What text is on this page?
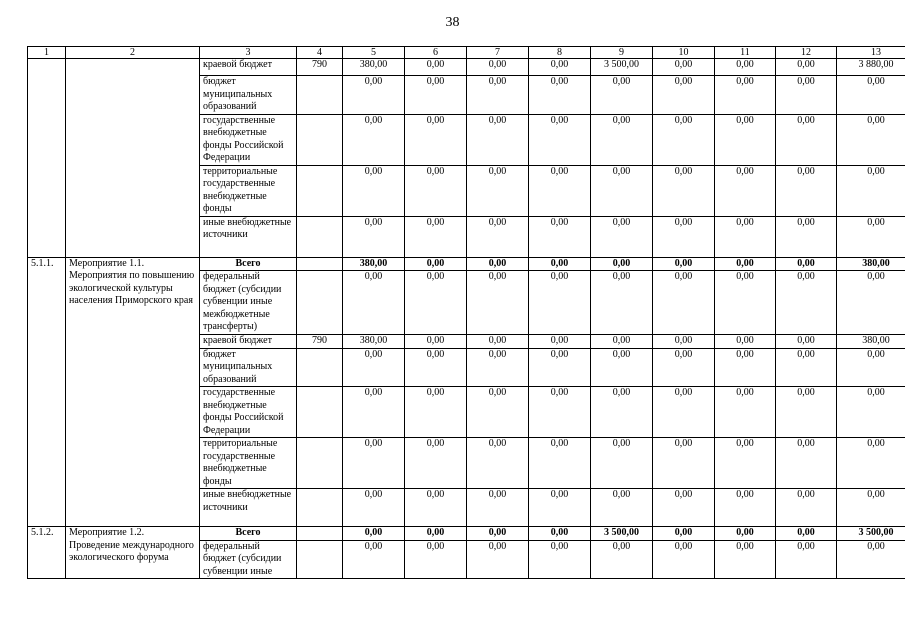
38
1	2	3	4	5	6	7	8	9	10	11	12	13
		краевой бюджет	790	380,00	0,00	0,00	0,00	3 500,00	0,00	0,00	0,00	3 880,00
		бюджет муниципальных образований		0,00	0,00	0,00	0,00	0,00	0,00	0,00	0,00	0,00
		государственные внебюджетные фонды Российской Федерации		0,00	0,00	0,00	0,00	0,00	0,00	0,00	0,00	0,00
		территориальные государственные внебюджетные фонды		0,00	0,00	0,00	0,00	0,00	0,00	0,00	0,00	0,00
		иные внебюджетные источники		0,00	0,00	0,00	0,00	0,00	0,00	0,00	0,00	0,00
5.1.1.	Мероприятие 1.1. Мероприятия по повышению экологической культуры населения Приморского края	Всего		380,00	0,00	0,00	0,00	0,00	0,00	0,00	0,00	380,00
		федеральный бюджет (субсидии субвенции иные межбюджетные трансферты)		0,00	0,00	0,00	0,00	0,00	0,00	0,00	0,00	0,00
		краевой бюджет	790	380,00	0,00	0,00	0,00	0,00	0,00	0,00	0,00	380,00
		бюджет муниципальных образований		0,00	0,00	0,00	0,00	0,00	0,00	0,00	0,00	0,00
		государственные внебюджетные фонды Российской Федерации		0,00	0,00	0,00	0,00	0,00	0,00	0,00	0,00	0,00
		территориальные государственные внебюджетные фонды		0,00	0,00	0,00	0,00	0,00	0,00	0,00	0,00	0,00
		иные внебюджетные источники		0,00	0,00	0,00	0,00	0,00	0,00	0,00	0,00	0,00
5.1.2.	Мероприятие 1.2. Проведение международного экологического форума	Всего		0,00	0,00	0,00	0,00	3 500,00	0,00	0,00	0,00	3 500,00
		федеральный бюджет (субсидии субвенции иные		0,00	0,00	0,00	0,00	0,00	0,00	0,00	0,00	0,00
